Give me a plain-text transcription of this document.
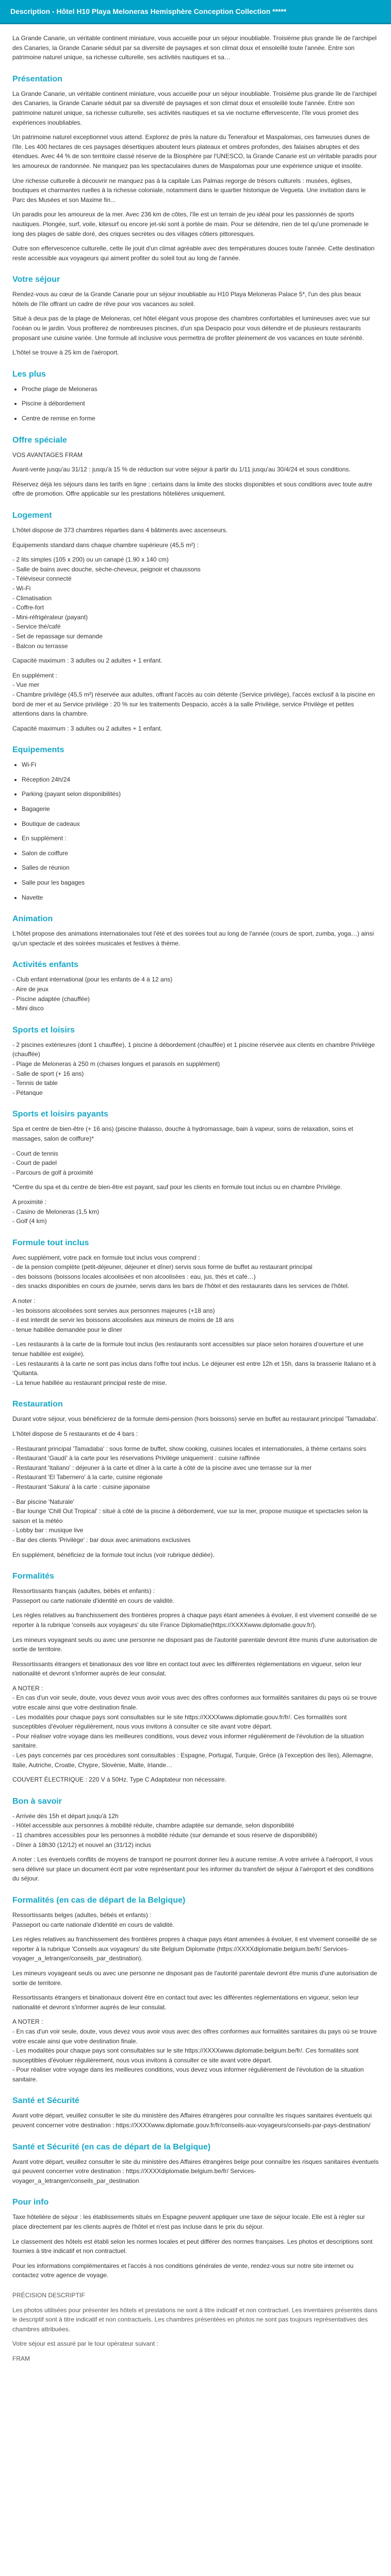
Description - Hôtel H10 Playa Meloneras Hemisphère Conception Collection *****

La Grande Canarie, un véritable continent miniature, vous accueille pour un séjour inoubliable. Troisième plus grande île de l'archipel des Canaries, la Grande Canarie séduit par sa diversité de paysages et son climat doux et ensoleillé toute l'année. Entre son patrimoine naturel unique, sa richesse culturelle, ses activités nautiques et sa…

Présentation

La Grande Canarie, un véritable continent miniature, vous accueille pour un séjour inoubliable. Troisième plus grande île de l'archipel des Canaries, la Grande Canarie séduit par sa diversité de paysages et son climat doux et ensoleillé toute l'année. Entre son patrimoine naturel unique, sa richesse culturelle, ses activités nautiques et sa vie nocturne effervescente, l'île vous promet des expériences inoubliables.

Un patrimoine naturel exceptionnel vous attend. Explorez de près la nature du Tenerafour et Maspalomas, ces fameuses dunes de l'île. Les 400 hectares de ces paysages désertiques aboutent leurs plateaux et ombres profondes, des falaises abruptes et des étendues. Avec 44 % de son territoire classé réserve de la Biosphère par l'UNESCO, la Grande Canarie est un véritable paradis pour les amoureux de randonnée. Ne manquez pas les spectaculaires dunes de Maspalomas pour une expérience unique et insolite.

Une richesse culturelle à découvrir ne manquez pas à la capitale Las Palmas regorge de trésors culturels : musées, églises, boutiques et charmantes ruelles à la richesse coloniale, notamment dans le quartier historique de Vegueta. Une invitation dans le Parc des Musées et son Maxime fin...

Un paradis pour les amoureux de la mer. Avec 236 km de côtes, l'île est un terrain de jeu idéal pour les passionnés de sports nautiques. Plongée, surf, voile, kitesurf ou encore jet-ski sont à portée de main. Pour se détendre, rien de tel qu'une promenade le long des plages de sable doré, des criques secrètes ou des villages côtiers pittoresques.

Outre son effervescence culturelle, cette île jouit d'un climat agréable avec des températures douces toute l'année. Cette destination reste accessible aux voyageurs qui aiment profiter du soleil tout au long de l'année.

Votre séjour

Rendez-vous au cœur de la Grande Canarie pour un séjour inoubliable au H10 Playa Meloneras Palace 5*, l'un des plus beaux hôtels de l'île offrant un cadre de rêve pour vos vacances au soleil.

Situé à deux pas de la plage de Meloneras, cet hôtel élégant vous propose des chambres confortables et lumineuses avec vue sur l'océan ou le jardin. Vous profiterez de nombreuses piscines, d'un spa Despacio pour vous détendre et de plusieurs restaurants proposant une cuisine variée. Une formule all inclusive vous permettra de profiter pleinement de vos vacances en toute sérénité.

L'hôtel se trouve à 25 km de l'aéroport.

Les plus
• Proche plage de Meloneras
• Piscine à débordement
• Centre de remise en forme
Offre spéciale

VOS AVANTAGES FRAM

Avant-vente jusqu'au 31/12 : jusqu'à 15 % de réduction sur votre séjour à partir du 1/11 jusqu'au 30/4/24 et sous conditions.

Réservez déjà les séjours dans les tarifs en ligne ; certains dans la limite des stocks disponibles et sous conditions avec toute autre offre de promotion. Offre applicable sur les prestations hôtelières uniquement.

Logement

L'hôtel dispose de 373 chambres réparties dans 4 bâtiments avec ascenseurs.

Equipements standard dans chaque chambre supérieure (45,5 m²) :

- 2 lits simples (105 x 200) ou un canapé (1.90 x 140 cm)
- Salle de bains avec douche, sèche-cheveux, peignoir et chaussons
- Téléviseur connecté
- Wi-Fi
- Climatisation
- Coffre-fort
- Mini-réfrigérateur (payant)
- Service thé/café
- Set de repassage sur demande
- Balcon ou terrasse

Capacité maximum : 3 adultes ou 2 adultes + 1 enfant.

En supplément :
- Vue mer
- Chambre privilège (45,5 m²) réservée aux adultes, offrant l'accès au coin détente (Service privilège), l'accès exclusif à la piscine en bord de mer et au Service privilège : 20 % sur les traitements Despacio, accès à la salle Privilège, service Privilège et petites attentions dans la chambre.

Capacité maximum : 3 adultes ou 2 adultes + 1 enfant.

Equipements
• Wi-Fi
• Réception 24h/24
• Parking (payant selon disponibilités)
• Bagagerie
• Boutique de cadeaux
• En supplément :
• Salon de coiffure
• Salles de réunion
• Salle pour les bagages
• Navette
Animation

L'hôtel propose des animations internationales tout l'été et des soirées tout au long de l'année (cours de sport, zumba, yoga…) ainsi qu'un spectacle et des soirées musicales et festives à thème.

Activités enfants

- Club enfant international (pour les enfants de 4 à 12 ans)
- Aire de jeux
- Piscine adaptée (chauffée)
- Mini disco

Sports et loisirs

- 2 piscines extérieures (dont 1 chauffée), 1 piscine à débordement (chauffée) et 1 piscine réservée aux clients en chambre Privilège (chauffée)
- Plage de Meloneras à 250 m (chaises longues et parasols en supplément)
- Salle de sport (+ 16 ans)
- Tennis de table
- Pétanque

Sports et loisirs payants

Spa et centre de bien-être (+ 16 ans) (piscine thalasso, douche à hydromassage, bain à vapeur, soins de relaxation, soins et massages, salon de coiffure)*

- Court de tennis
- Court de padel
- Parcours de golf à proximité

*Centre du spa et du centre de bien-être est payant, sauf pour les clients en formule tout inclus ou en chambre Privilège.

A proximité :
- Casino de Meloneras (1,5 km)
- Golf (4 km)

Formule tout inclus

Avec supplément, votre pack en formule tout inclus vous comprend :
- de la pension complète (petit-déjeuner, déjeuner et dîner) servis sous forme de buffet au restaurant principal
- des boissons (boissons locales alcoolisées et non alcoolisées : eau, jus, thés et café…)
- des snacks disponibles en cours de journée, servis dans les bars de l'hôtel et des restaurants dans les services de l'hôtel.

A noter :
- les boissons alcoolisées sont servies aux personnes majeures (+18 ans)
- il est interdit de servir les boissons alcoolisées aux mineurs de moins de 18 ans
- tenue habillée demandée pour le dîner

- Les restaurants à la carte de la formule tout inclus (les restaurants sont accessibles sur place selon horaires d'ouverture et une tenue habillée est exigée).
- Les restaurants à la carte ne sont pas inclus dans l'offre tout inclus. Le déjeuner est entre 12h et 15h, dans la brasserie Italiano et à 'Quitanta.
- La tenue habillée au restaurant principal reste de mise.

Restauration

Durant votre séjour, vous bénéficierez de la formule demi-pension (hors boissons) servie en buffet au restaurant principal 'Tamadaba'.

L'hôtel dispose de 5 restaurants et de 4 bars :

- Restaurant principal 'Tamadaba' : sous forme de buffet, show cooking, cuisines locales et internationales, à thème certains soirs
- Restaurant 'Gaudí' à la carte pour les réservations Privilège uniquement : cuisine raffinée
- Restaurant 'Italiano' : déjeuner à la carte et dîner à la carte à côté de la piscine avec une terrasse sur la mer
- Restaurant 'El Tabernero' à la carte, cuisine régionale
- Restaurant 'Sakura' à la carte : cuisine japonaise

- Bar piscine 'Naturale'
- Bar lounge 'Chill Out Tropical' : situé à côté de la piscine à débordement, vue sur la mer, propose musique et spectacles selon la saison et la météo
- Lobby bar : musique live
- Bar des clients 'Privilège' : bar doux avec animations exclusives

En supplément, bénéficiez de la formule tout inclus (voir rubrique dédiée).

Formalités

Ressortissants français (adultes, bébés et enfants) :
Passeport ou carte nationale d'identité en cours de validité.

Les règles relatives au franchissement des frontières propres à chaque pays étant amenées à évoluer, il est vivement conseillé de se reporter à la rubrique 'conseils aux voyageurs' du site France Diplomatie(https://XXXXwww.diplomatie.gouv.fr/).

Les mineurs voyageant seuls ou avec une personne ne disposant pas de l'autorité parentale devront être munis d'une autorisation de sortie de territoire.

Ressortissants étrangers et binationaux des voir libre en contact tout avec les différentes réglementations en vigueur, selon leur nationalité et devront s'informer auprès de leur consulat.

A NOTER :
- En cas d'un voir seule, doute, vous devez vous avoir vous avec des offres conformes aux formalités sanitaires du pays où se trouve votre escale ainsi que votre destination finale.
- Les modalités pour chaque pays sont consultables sur le site https://XXXXwww.diplomatie.gouv.fr/fr/. Ces formalités sont susceptibles d'évoluer régulièrement, nous vous invitons à consulter ce site avant votre départ.
- Pour réaliser votre voyage dans les meilleures conditions, vous devez vous informer régulièrement de l'évolution de la situation sanitaire.
- Les pays concernés par ces procédures sont consultables : Espagne, Portugal, Turquie, Grèce (à l'exception des îles), Allemagne, Italie, Autriche, Croatie, Chypre, Slovénie, Malte, Irlande…

COUVERT ÉLECTRIQUE : 220 V à 50Hz. Type C Adaptateur non nécessaire.

Bon à savoir

- Arrivée dès 15h et départ jusqu'à 12h
- Hôtel accessible aux personnes à mobilité réduite, chambre adaptée sur demande, selon disponibilité
- 11 chambres accessibles pour les personnes à mobilité réduite (sur demande et sous réserve de disponibilité)
- Dîner à 18h30 (12/12) et nouvel an (31/12) inclus

A noter : Les éventuels conflits de moyens de transport ne pourront donner lieu à aucune remise. A votre arrivée à l'aéroport, il vous sera délivré sur place un document écrit par votre représentant pour les informer du transfert de séjour à l'aéroport et des conditions du séjour.

Formalités (en cas de départ de la Belgique)

Ressortissants belges (adultes, bébés et enfants) :
Passeport ou carte nationale d'identité en cours de validité.

Les règles relatives au franchissement des frontières propres à chaque pays étant amenées à évoluer, il est vivement conseillé de se reporter à la rubrique 'Conseils aux voyageurs' du site Belgium Diplomatie (https://XXXXdiplomatie.belgium.be/fr/ Services-voyager_a_letranger/conseils_par_destination).

Les mineurs voyageant seuls ou avec une personne ne disposant pas de l'autorité parentale devront être munis d'une autorisation de sortie de territoire.

Ressortissants étrangers et binationaux doivent être en contact tout avec les différentes réglementations en vigueur, selon leur nationalité et devront s'informer auprès de leur consulat.

A NOTER :
- En cas d'un voir seule, doute, vous devez vous avoir vous avec des offres conformes aux formalités sanitaires du pays où se trouve votre escale ainsi que votre destination finale.
- Les modalités pour chaque pays sont consultables sur le site https://XXXXwww.diplomatie.belgium.be/fr/. Ces formalités sont susceptibles d'évoluer régulièrement, nous vous invitons à consulter ce site avant votre départ.
- Pour réaliser votre voyage dans les meilleures conditions, vous devez vous informer régulièrement de l'évolution de la situation sanitaire.

Santé et Sécurité

Avant votre départ, veuillez consulter le site du ministère des Affaires étrangères pour connaître les risques sanitaires éventuels qui peuvent concerner votre destination : https://XXXXwww.diplomatie.gouv.fr/fr/conseils-aux-voyageurs/conseils-par-pays-destination/

Santé et Sécurité (en cas de départ de la Belgique)

Avant votre départ, veuillez consulter le site du ministère des Affaires étrangères belge pour connaître les risques sanitaires éventuels qui peuvent concerner votre destination : https://XXXXdiplomatie.belgium.be/fr/ Services-voyager_a_letranger/conseils_par_destination

Pour info

Taxe hôtelière de séjour : les établissements situés en Espagne peuvent appliquer une taxe de séjour locale. Elle est à régler sur place directement par les clients auprès de l'hôtel et n'est pas incluse dans le prix du séjour.

Le classement des hôtels est établi selon les normes locales et peut différer des normes françaises. Les photos et descriptions sont fournies à titre indicatif et non contractuel.

Pour les informations complémentaires et l'accès à nos conditions générales de vente, rendez-vous sur notre site internet ou contactez votre agence de voyage.

PRÉCISION DESCRIPTIF

Les photos utilisées pour présenter les hôtels et prestations ne sont à titre indicatif et non contractuel. Les inventaires présentés dans le descriptif sont à titre indicatif et non contractuels. Les chambres présentées en photos ne sont pas toujours représentatives des chambres attribuées.

Votre séjour est assuré par le tour opérateur suivant :

FRAM
